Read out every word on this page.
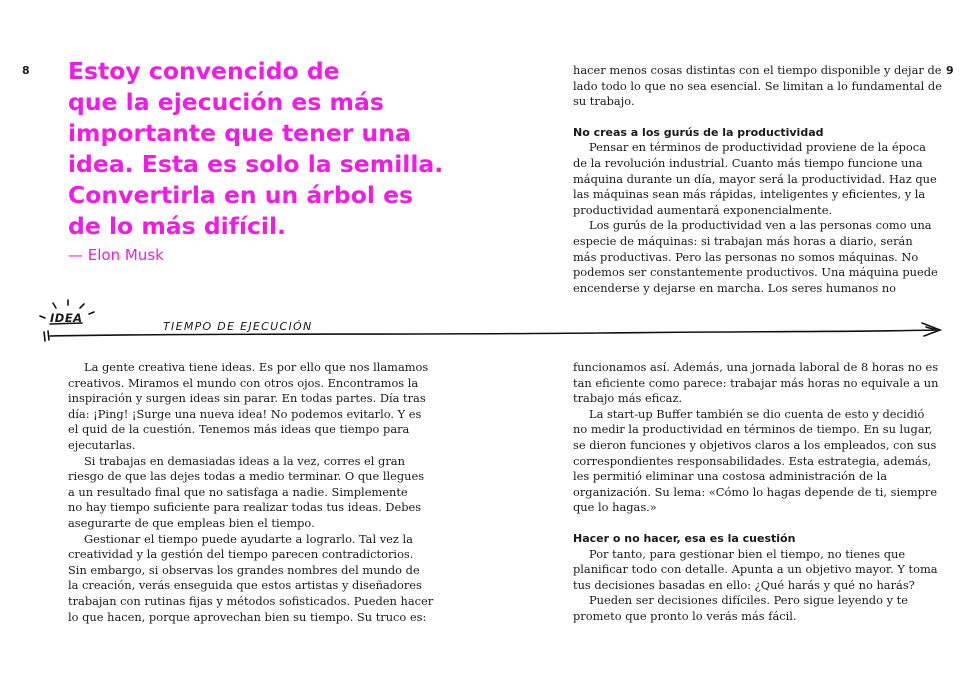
8	9
Estoy convencido de
que la ejecución es más
importante que tener una
idea. Esta es solo la semilla.
Convertirla en un árbol es
de lo más difícil.
— Elon Musk

hacer menos cosas distintas con el tiempo disponible y dejar de
lado todo lo que no sea esencial. Se limitan a lo fundamental de
su trabajo.

No creas a los gurús de la productividad

Pensar en términos de productividad proviene de la época
de la revolución industrial. Cuanto más tiempo funcione una
máquina durante un día, mayor será la productividad. Haz que
las máquinas sean más rápidas, inteligentes y eficientes, y la
productividad aumentará exponencialmente.

Los gurús de la productividad ven a las personas como una
especie de máquinas: si trabajan más horas a diario, serán
más productivas. Pero las personas no somos máquinas. No
podemos ser constantemente productivos. Una máquina puede
encenderse y dejarse en marcha. Los seres humanos no

IDEA
TIEMPO DE EJECUCIÓN

La gente creativa tiene ideas. Es por ello que nos llamamos
creativos. Miramos el mundo con otros ojos. Encontramos la
inspiración y surgen ideas sin parar. En todas partes. Día tras
día: ¡Ping! ¡Surge una nueva idea! No podemos evitarlo. Y es
el quid de la cuestión. Tenemos más ideas que tiempo para
ejecutarlas.

Si trabajas en demasiadas ideas a la vez, corres el gran
riesgo de que las dejes todas a medio terminar. O que llegues
a un resultado final que no satisfaga a nadie. Simplemente
no hay tiempo suficiente para realizar todas tus ideas. Debes
asegurarte de que empleas bien el tiempo.

Gestionar el tiempo puede ayudarte a lograrlo. Tal vez la
creatividad y la gestión del tiempo parecen contradictorios.
Sin embargo, si observas los grandes nombres del mundo de
la creación, verás enseguida que estos artistas y diseñadores
trabajan con rutinas fijas y métodos sofisticados. Pueden hacer
lo que hacen, porque aprovechan bien su tiempo. Su truco es:

funcionamos así. Además, una jornada laboral de 8 horas no es
tan eficiente como parece: trabajar más horas no equivale a un
trabajo más eficaz.

La start-up Buffer también se dio cuenta de esto y decidió
no medir la productividad en términos de tiempo. En su lugar,
se dieron funciones y objetivos claros a los empleados, con sus
correspondientes responsabilidades. Esta estrategia, además,
les permitió eliminar una costosa administración de la
organización. Su lema: «Cómo lo hagas depende de ti, siempre
que lo hagas.»

Hacer o no hacer, esa es la cuestión

Por tanto, para gestionar bien el tiempo, no tienes que
planificar todo con detalle. Apunta a un objetivo mayor. Y toma
tus decisiones basadas en ello: ¿Qué harás y qué no harás?

Pueden ser decisiones difíciles. Pero sigue leyendo y te
prometo que pronto lo verás más fácil.
